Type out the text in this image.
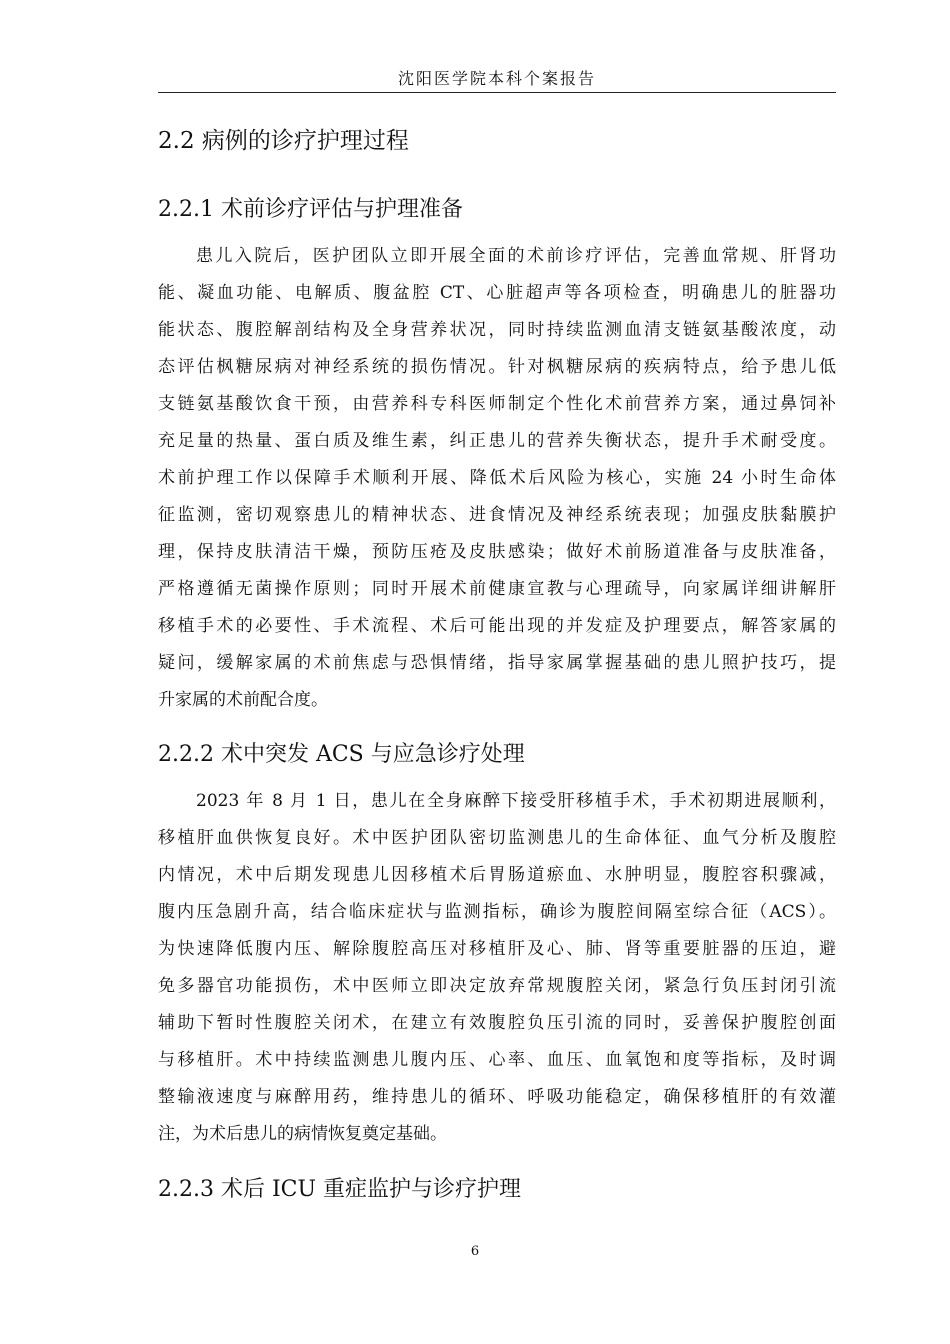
沈阳医学院本科个案报告
2.2 病例的诊疗护理过程
2.2.1 术前诊疗评估与护理准备
患儿入院后，医护团队立即开展全面的术前诊疗评估，完善血常规、肝肾功
能、凝血功能、电解质、腹盆腔 CT、心脏超声等各项检查，明确患儿的脏器功
能状态、腹腔解剖结构及全身营养状况，同时持续监测血清支链氨基酸浓度，动
态评估枫糖尿病对神经系统的损伤情况。针对枫糖尿病的疾病特点，给予患儿低
支链氨基酸饮食干预，由营养科专科医师制定个性化术前营养方案，通过鼻饲补
充足量的热量、蛋白质及维生素，纠正患儿的营养失衡状态，提升手术耐受度。
术前护理工作以保障手术顺利开展、降低术后风险为核心，实施 24 小时生命体
征监测，密切观察患儿的精神状态、进食情况及神经系统表现；加强皮肤黏膜护
理，保持皮肤清洁干燥，预防压疮及皮肤感染；做好术前肠道准备与皮肤准备，
严格遵循无菌操作原则；同时开展术前健康宣教与心理疏导，向家属详细讲解肝
移植手术的必要性、手术流程、术后可能出现的并发症及护理要点，解答家属的
疑问，缓解家属的术前焦虑与恐惧情绪，指导家属掌握基础的患儿照护技巧，提
升家属的术前配合度。
2.2.2 术中突发 ACS 与应急诊疗处理
2023 年 8 月 1 日，患儿在全身麻醉下接受肝移植手术，手术初期进展顺利，
移植肝血供恢复良好。术中医护团队密切监测患儿的生命体征、血气分析及腹腔
内情况，术中后期发现患儿因移植术后胃肠道瘀血、水肿明显，腹腔容积骤减，
腹内压急剧升高，结合临床症状与监测指标，确诊为腹腔间隔室综合征（ACS）。
为快速降低腹内压、解除腹腔高压对移植肝及心、肺、肾等重要脏器的压迫，避
免多器官功能损伤，术中医师立即决定放弃常规腹腔关闭，紧急行负压封闭引流
辅助下暂时性腹腔关闭术，在建立有效腹腔负压引流的同时，妥善保护腹腔创面
与移植肝。术中持续监测患儿腹内压、心率、血压、血氧饱和度等指标，及时调
整输液速度与麻醉用药，维持患儿的循环、呼吸功能稳定，确保移植肝的有效灌
注，为术后患儿的病情恢复奠定基础。
2.2.3 术后 ICU 重症监护与诊疗护理
6
